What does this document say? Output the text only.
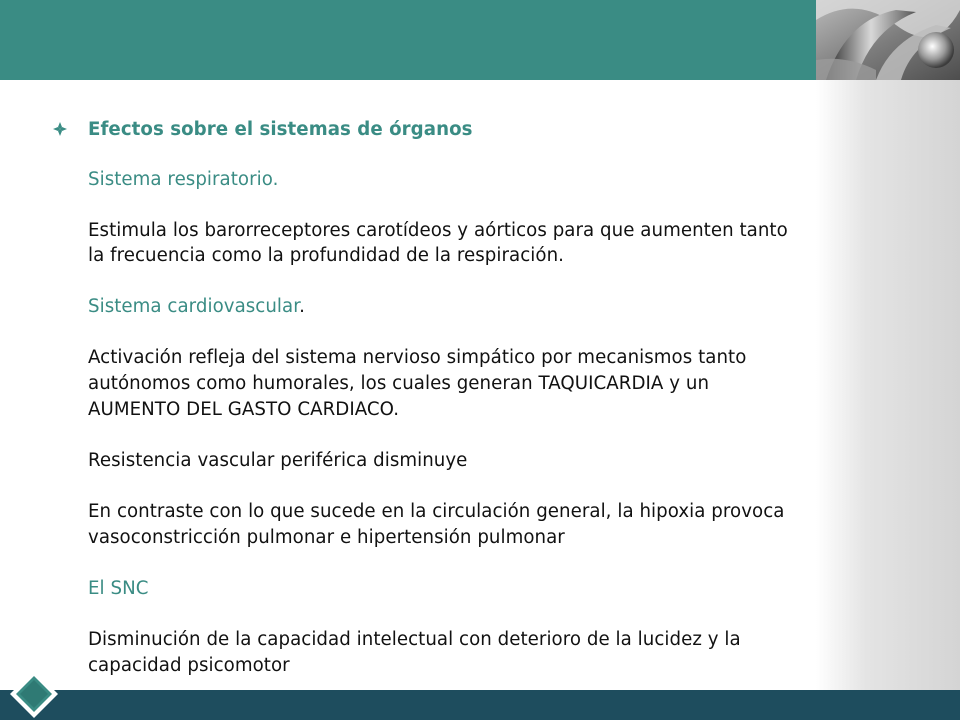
Efectos sobre el sistemas de órganos
Sistema respiratorio.
Estimula los barorreceptores carotídeos y aórticos para que aumenten tanto
la frecuencia como la profundidad de la respiración.
Sistema cardiovascular.
Activación refleja del sistema nervioso simpático por mecanismos tanto
autónomos como humorales, los cuales generan TAQUICARDIA y un
AUMENTO DEL GASTO CARDIACO.
Resistencia vascular periférica disminuye
En contraste con lo que sucede en la circulación general, la hipoxia provoca
vasoconstricción pulmonar e hipertensión pulmonar
El SNC
Disminución de la capacidad intelectual con deterioro de la lucidez y la
capacidad psicomotor
